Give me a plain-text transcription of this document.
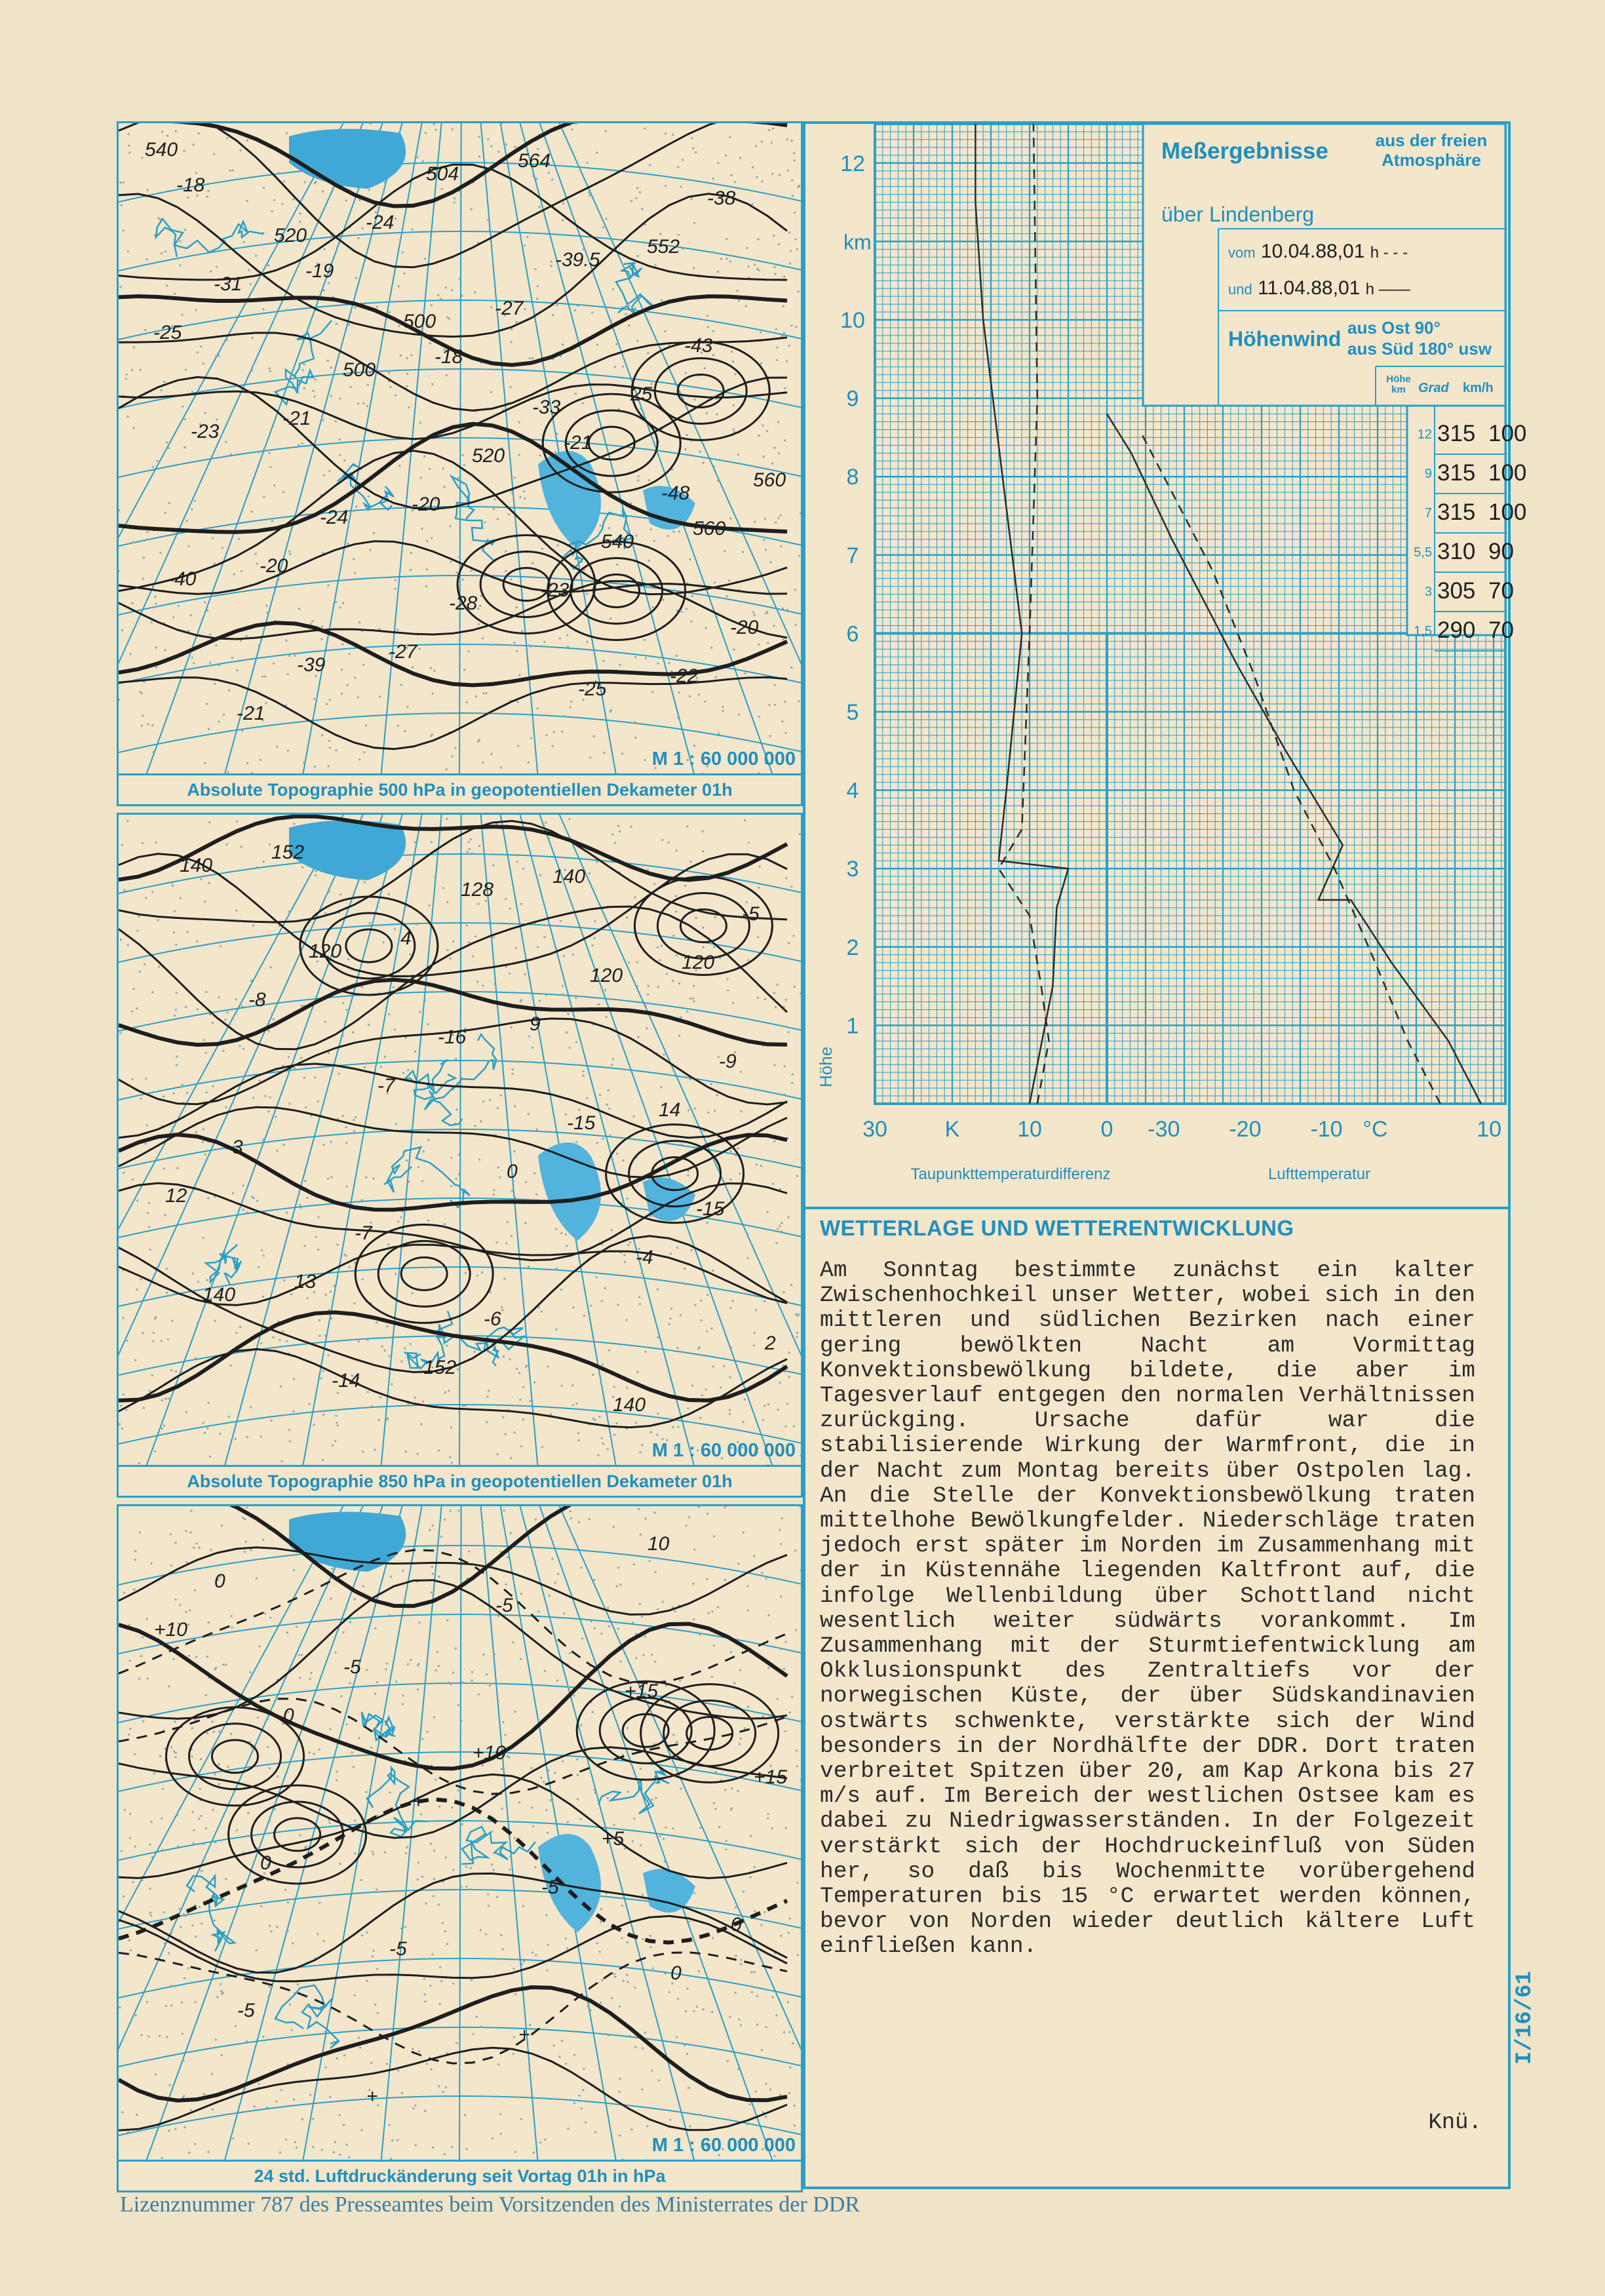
540
520
500
-33
-48
-40
-39
504
-39.5
-43
-23
-24
-28
-25
-38
-31
500
520
540
-20
-21
-24
-27
-25
560
-20
-27
564
552
-25
-21
-20
-23
-22
-18
-19
-18
-21
560
M 1 : 60 000 000
Absolute Topographie 500 hPa in geopotentiellen Dekameter 01h
140
120
-16
-15
-15
140
-14
128
120
-9
-3
-7
-6
140
-5
-8
-7
0
-4
2
152
4
9
14
12
13
152
140
120
M 1 : 60 000 000
Absolute Topographie 850 hPa in geopotentiellen Dekameter 01h
0
-5
+10
+5
0
-5
+
-5
+15
+15
0
-5
+
10
+10
0
+
-5
0
M 1 : 60 000 000
24 std. Luftdruckänderung seit Vortag 01h in hPa
1
2
3
4
5
6
7
8
9
10
12
km
Höhe
30	K	10	0 -30 -20 -10 °C	10
Taupunkttemperaturdifferenz	Lufttemperatur
Meßergebnisse	aus der freien Atmosphäre
über Lindenberg
vom 10.04.88,01 h - - -
und 11.04.88,01 h ——
Höhenwind aus Ost 90°
aus Süd 180° usw
Höhe km Grad km/h
12 315 100
9 315 100
7 315 100
5,5 310 90
3 305 70
1,5 290 70
WETTERLAGE UND WETTERENTWICKLUNG
Am Sonntag bestimmte zunächst ein kalter Zwischenhochkeil unser Wetter, wobei sich in den mittleren und südlichen Bezirken nach einer gering bewölkten Nacht am Vormittag Konvektionsbewölkung bildete, die aber im Tagesverlauf entgegen den normalen Verhältnissen zurückging. Ursache dafür war die stabilisierende Wirkung der Warmfront, die in der Nacht zum Montag bereits über Ostpolen lag. An die Stelle der Konvektionsbewölkung traten mittelhohe Bewölkungfelder. Niederschläge traten jedoch erst später im Norden im Zusammenhang mit der in Küstennähe liegenden Kaltfront auf, die infolge Wellenbildung über Schottland nicht wesentlich weiter südwärts vorankommt. Im Zusammenhang mit der Sturmtiefentwicklung am Okklusionspunkt des Zentraltiefs vor der norwegischen Küste, der über Südskandinavien ostwärts schwenkte, verstärkte sich der Wind besonders in der Nordhälfte der DDR. Dort traten verbreitet Spitzen über 20, am Kap Arkona bis 27 m/s auf. Im Bereich der westlichen Ostsee kam es dabei zu Niedrigwasserständen. In der Folgezeit verstärkt sich der Hochdruckeinfluß von Süden her, so daß bis Wochenmitte vorübergehend Temperaturen bis 15 °C erwartet werden können, bevor von Norden wieder deutlich kältere Luft einfließen kann.
Knü.
I/16/61
Lizenznummer 787 des Presseamtes beim Vorsitzenden des Ministerrates der DDR
